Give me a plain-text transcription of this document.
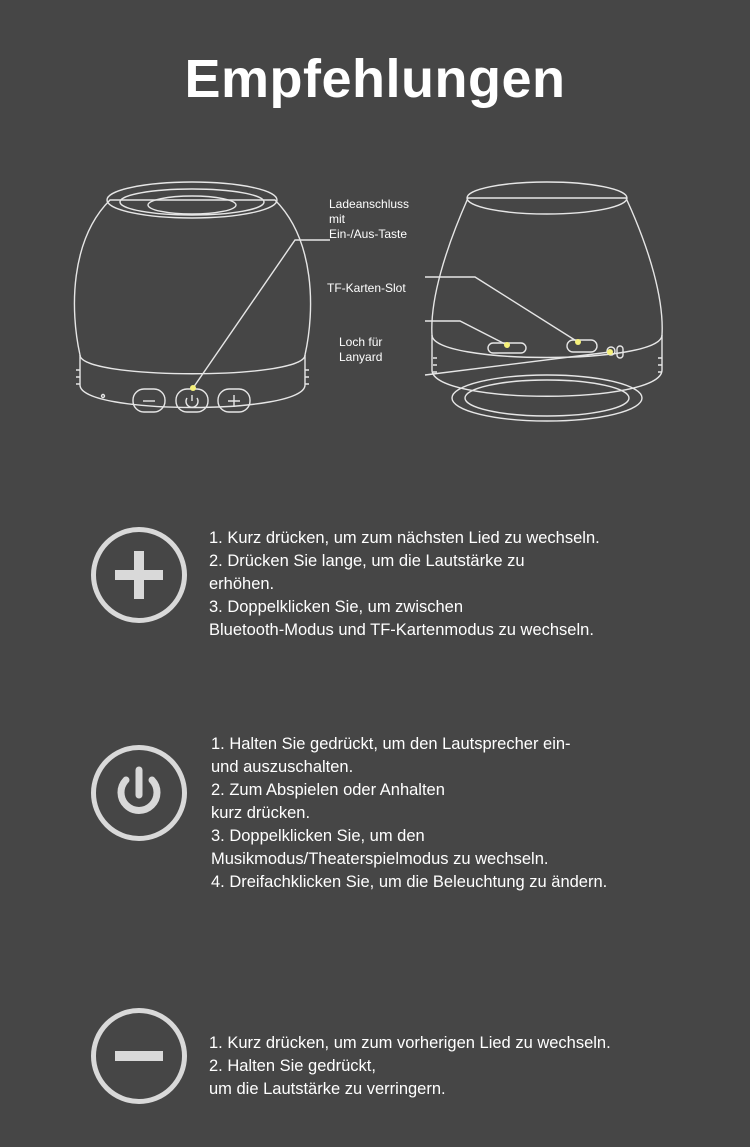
Empfehlungen
Ladeanschluss
mit
Ein-/Aus-Taste
TF-Karten-Slot
Loch für
Lanyard
1. Kurz drücken, um zum nächsten Lied zu wechseln.
2. Drücken Sie lange, um die Lautstärke zu
erhöhen.
3. Doppelklicken Sie, um zwischen
Bluetooth-Modus und TF-Kartenmodus zu wechseln.
1. Halten Sie gedrückt, um den Lautsprecher ein-
und auszuschalten.
2. Zum Abspielen oder Anhalten
kurz drücken.
3. Doppelklicken Sie, um den
Musikmodus/Theaterspielmodus zu wechseln.
4. Dreifachklicken Sie, um die Beleuchtung zu ändern.
1. Kurz drücken, um zum vorherigen Lied zu wechseln.
2. Halten Sie gedrückt,
um die Lautstärke zu verringern.
